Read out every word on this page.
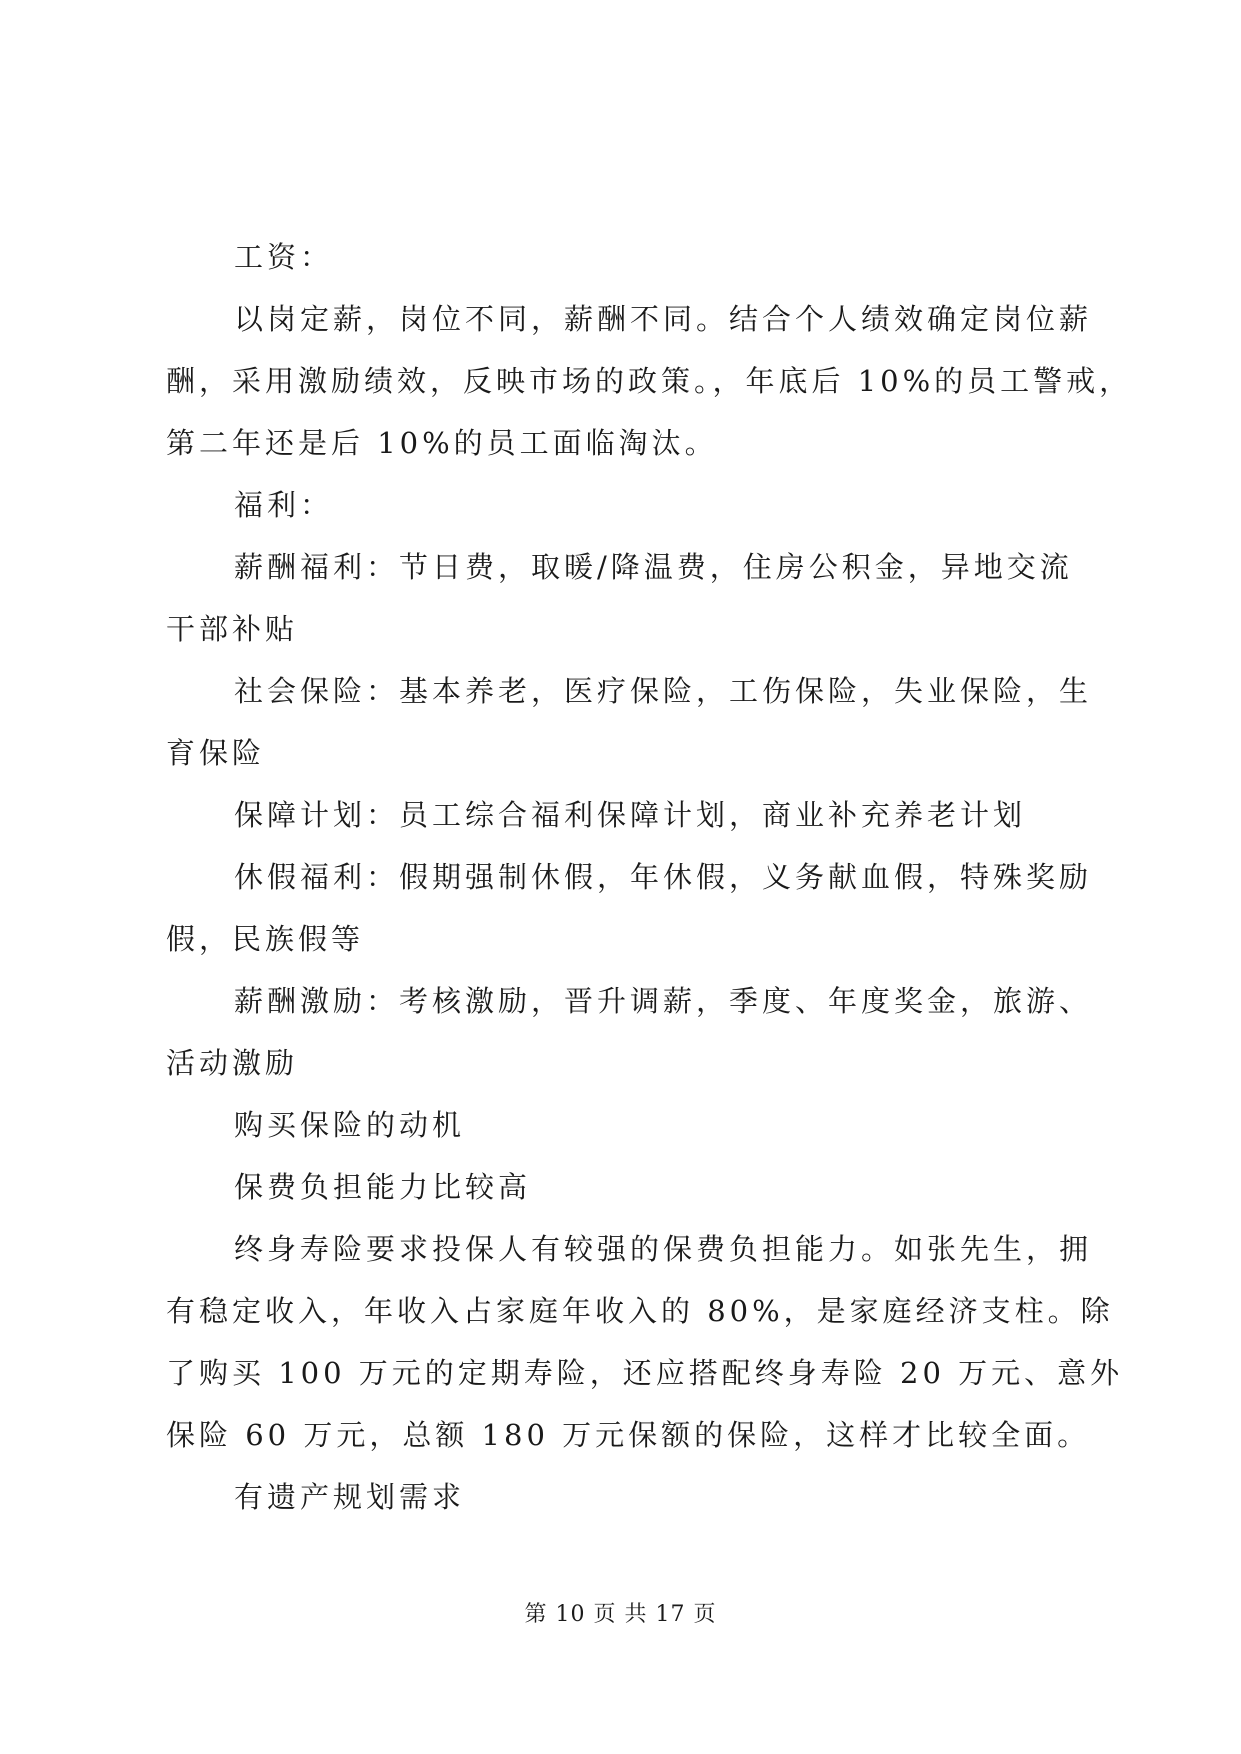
工资：
以岗定薪，岗位不同，薪酬不同。结合个人绩效确定岗位薪
酬，采用激励绩效，反映市场的政策。，年底后 10%的员工警戒，
第二年还是后 10%的员工面临淘汰。
福利：
薪酬福利：节日费，取暖/降温费，住房公积金，异地交流
干部补贴
社会保险：基本养老，医疗保险，工伤保险，失业保险，生
育保险
保障计划：员工综合福利保障计划，商业补充养老计划
休假福利：假期强制休假，年休假，义务献血假，特殊奖励
假，民族假等
薪酬激励：考核激励，晋升调薪，季度、年度奖金，旅游、
活动激励
购买保险的动机
保费负担能力比较高
终身寿险要求投保人有较强的保费负担能力。如张先生，拥
有稳定收入，年收入占家庭年收入的 80%，是家庭经济支柱。除
了购买 100 万元的定期寿险，还应搭配终身寿险 20 万元、意外
保险 60 万元，总额 180 万元保额的保险，这样才比较全面。
有遗产规划需求
第 10 页 共 17 页
